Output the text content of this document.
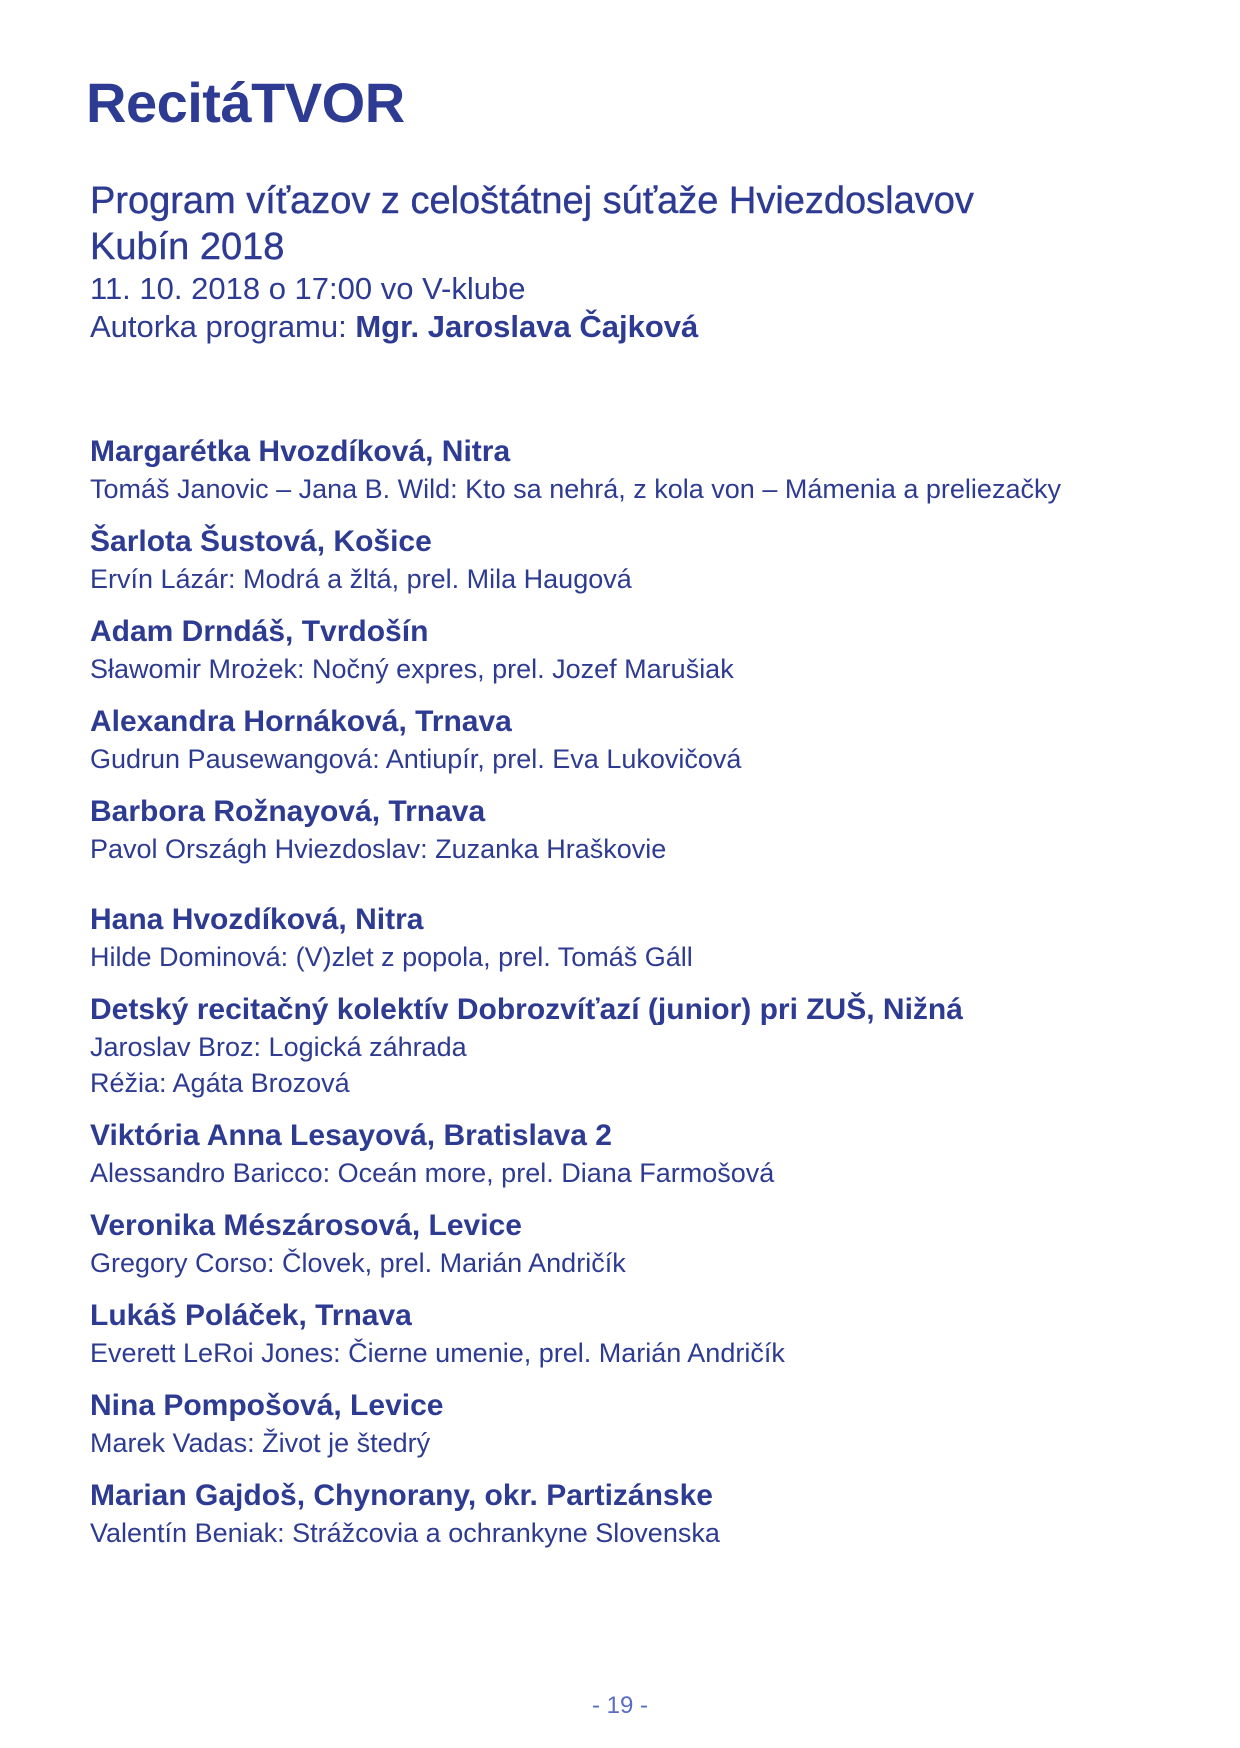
RecitáTVOR

Program víťazov z celoštátnej súťaže Hviezdoslavov

Kubín 2018

11. 10. 2018 o 17:00 vo V-klube

Autorka programu: Mgr. Jaroslava Čajková

Margarétka Hvozdíková, Nitra
Tomáš Janovic – Jana B. Wild: Kto sa nehrá, z kola von – Mámenia a preliezačky
Šarlota Šustová, Košice
Ervín Lázár: Modrá a žltá, prel. Mila Haugová
Adam Drndáš, Tvrdošín
Sławomir Mrożek: Nočný expres, prel. Jozef Marušiak
Alexandra Hornáková, Trnava
Gudrun Pausewangová: Antiupír, prel. Eva Lukovičová
Barbora Rožnayová, Trnava
Pavol Országh Hviezdoslav: Zuzanka Hraškovie
Hana Hvozdíková, Nitra
Hilde Dominová: (V)zlet z popola, prel. Tomáš Gáll
Detský recitačný kolektív Dobrozvíťazí (junior) pri ZUŠ, Nižná
Jaroslav Broz: Logická záhrada
Réžia: Agáta Brozová
Viktória Anna Lesayová, Bratislava 2
Alessandro Baricco: Oceán more, prel. Diana Farmošová
Veronika Mészárosová, Levice
Gregory Corso: Človek, prel. Marián Andričík
Lukáš Poláček, Trnava
Everett LeRoi Jones: Čierne umenie, prel. Marián Andričík
Nina Pompošová, Levice
Marek Vadas: Život je štedrý
Marian Gajdoš, Chynorany, okr. Partizánske
Valentín Beniak: Strážcovia a ochrankyne Slovenska
- 19 -
